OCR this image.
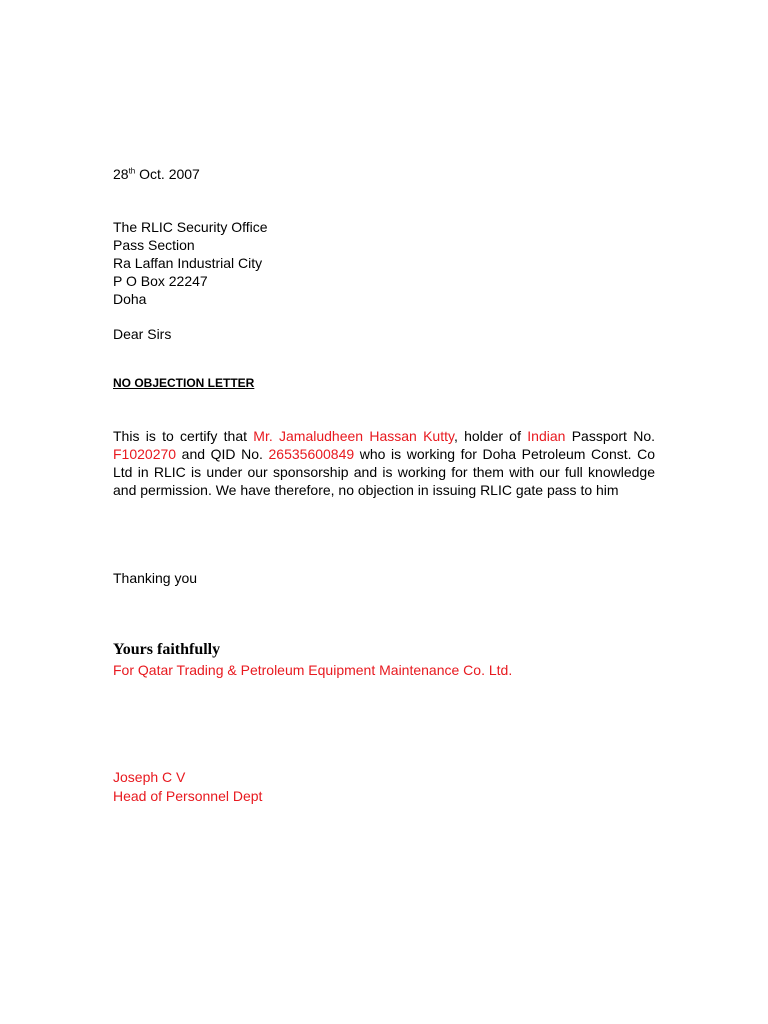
28th Oct. 2007
The RLIC Security Office
Pass Section
Ra Laffan Industrial City
P O Box 22247
Doha
Dear Sirs
NO OBJECTION LETTER
This is to certify that Mr. Jamaludheen Hassan Kutty, holder of Indian Passport No. F1020270 and QID No. 26535600849 who is working for Doha Petroleum Const. Co Ltd in RLIC is under our sponsorship and is working for them with our full knowledge and permission. We have therefore, no objection in issuing RLIC gate pass to him
Thanking you
Yours faithfully
For Qatar Trading & Petroleum Equipment Maintenance Co. Ltd.
Joseph C V
Head of Personnel Dept
